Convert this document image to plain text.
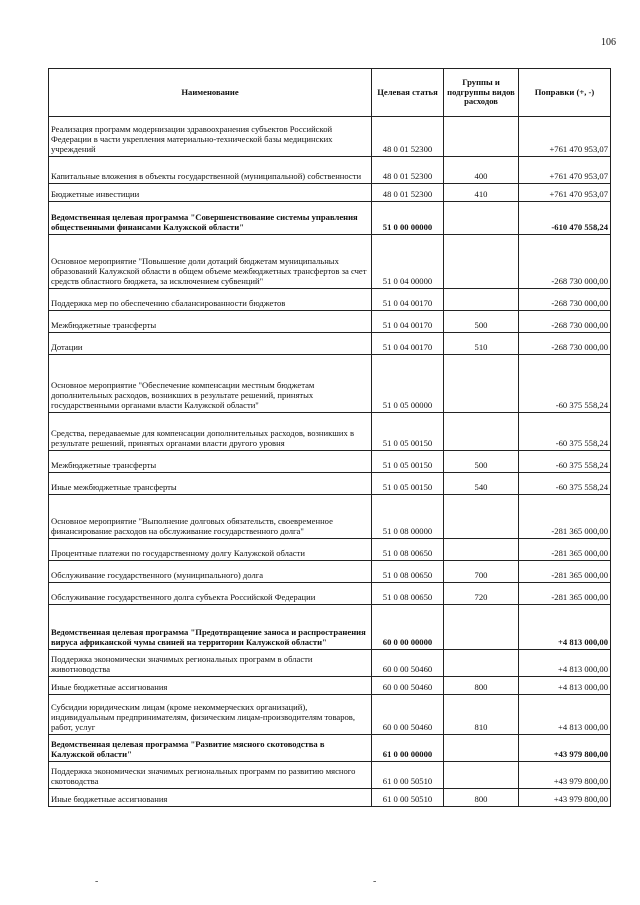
106
Наименование	Целевая статья	Группы и подгруппы видов расходов	Поправки (+, -)
Реализация программ модернизации здравоохранения субъектов Российской Федерации в части укрепления материально-технической базы медицинских учреждений	48 0 01 52300		+761 470 953,07
Капитальные вложения в объекты государственной (муниципальной) собственности	48 0 01 52300	400	+761 470 953,07
Бюджетные инвестиции	48 0 01 52300	410	+761 470 953,07
Ведомственная целевая программа "Совершенствование системы управления общественными финансами Калужской области"	51 0 00 00000		-610 470 558,24
Основное мероприятие "Повышение доли дотаций бюджетам муниципальных образований Калужской области в общем объеме межбюджетных трансфертов за счет средств областного бюджета, за исключением субвенций"	51 0 04 00000		-268 730 000,00
Поддержка мер по обеспечению сбалансированности бюджетов	51 0 04 00170		-268 730 000,00
Межбюджетные трансферты	51 0 04 00170	500	-268 730 000,00
Дотации	51 0 04 00170	510	-268 730 000,00
Основное мероприятие "Обеспечение компенсации местным бюджетам дополнительных расходов, возникших в результате решений, принятых государственными органами власти Калужской области"	51 0 05 00000		-60 375 558,24
Средства, передаваемые для компенсации дополнительных расходов, возникших в результате решений, принятых органами власти другого уровня	51 0 05 00150		-60 375 558,24
Межбюджетные трансферты	51 0 05 00150	500	-60 375 558,24
Иные межбюджетные трансферты	51 0 05 00150	540	-60 375 558,24
Основное мероприятие "Выполнение долговых обязательств, своевременное финансирование расходов на обслуживание государственного долга"	51 0 08 00000		-281 365 000,00
Процентные платежи по государственному долгу Калужской области	51 0 08 00650		-281 365 000,00
Обслуживание государственного (муниципального) долга	51 0 08 00650	700	-281 365 000,00
Обслуживание государственного долга субъекта Российской Федерации	51 0 08 00650	720	-281 365 000,00
Ведомственная целевая программа "Предотвращение заноса и распространения вируса африканской чумы свиней на территории Калужской области"	60 0 00 00000		+4 813 000,00
Поддержка экономически значимых региональных программ в области животноводства	60 0 00 50460		+4 813 000,00
Иные бюджетные ассигнования	60 0 00 50460	800	+4 813 000,00
Субсидии юридическим лицам (кроме некоммерческих организаций), индивидуальным предпринимателям, физическим лицам-производителям товаров, работ, услуг	60 0 00 50460	810	+4 813 000,00
Ведомственная целевая программа "Развитие мясного скотоводства в Калужской области"	61 0 00 00000		+43 979 800,00
Поддержка экономически значимых региональных программ по развитию мясного скотоводства	61 0 00 50510		+43 979 800,00
Иные бюджетные ассигнования	61 0 00 50510	800	+43 979 800,00
-	-
